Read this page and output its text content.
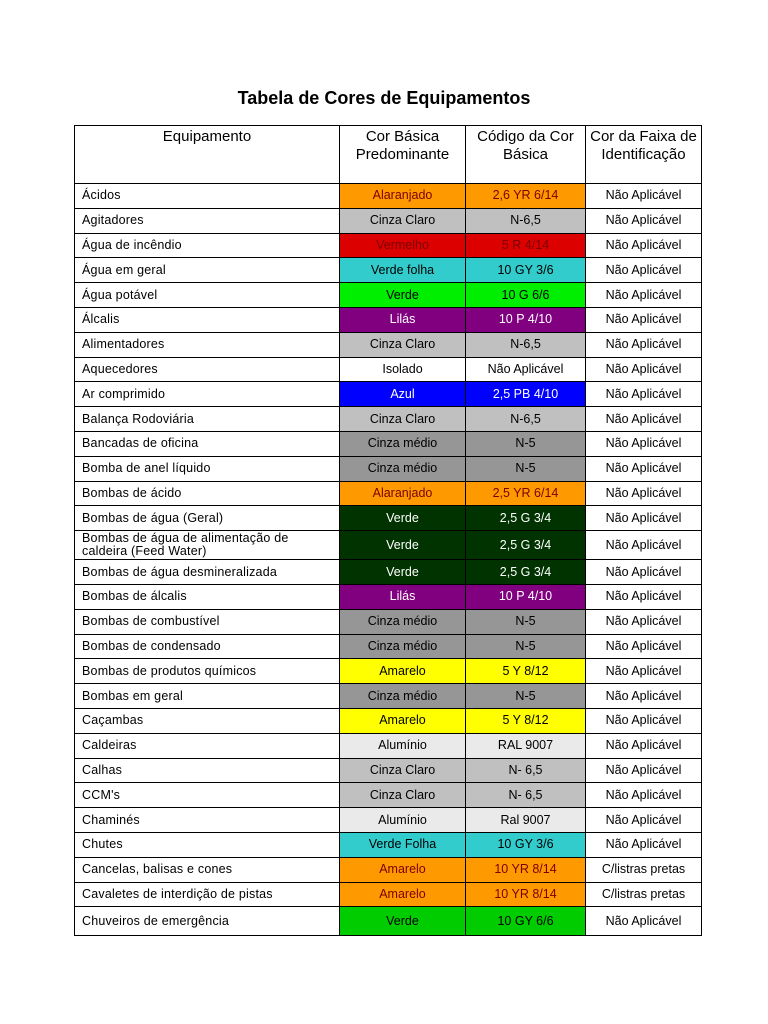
Tabela de Cores de Equipamentos
Equipamento	Cor Básica Predominante	Código da Cor Básica	Cor da Faixa de Identificação
Ácidos	Alaranjado	2,6 YR 6/14	Não Aplicável
Agitadores	Cinza Claro	N-6,5	Não Aplicável
Água de incêndio	Vermelho	5 R 4/14	Não Aplicável
Água em geral	Verde folha	10 GY 3/6	Não Aplicável
Água potável	Verde	10 G 6/6	Não Aplicável
Álcalis	Lilás	10 P 4/10	Não Aplicável
Alimentadores	Cinza Claro	N-6,5	Não Aplicável
Aquecedores	Isolado	Não Aplicável	Não Aplicável
Ar comprimido	Azul	2,5 PB 4/10	Não Aplicável
Balança Rodoviária	Cinza Claro	N-6,5	Não Aplicável
Bancadas de oficina	Cinza médio	N-5	Não Aplicável
Bomba de anel líquido	Cinza médio	N-5	Não Aplicável
Bombas de ácido	Alaranjado	2,5 YR 6/14	Não Aplicável
Bombas de água (Geral)	Verde	2,5 G 3/4	Não Aplicável
Bombas de água de alimentação de caldeira (Feed Water)	Verde	2,5 G 3/4	Não Aplicável
Bombas de água desmineralizada	Verde	2,5 G 3/4	Não Aplicável
Bombas de álcalis	Lilás	10 P 4/10	Não Aplicável
Bombas de combustível	Cinza médio	N-5	Não Aplicável
Bombas de condensado	Cinza médio	N-5	Não Aplicável
Bombas de produtos químicos	Amarelo	5 Y 8/12	Não Aplicável
Bombas em geral	Cinza médio	N-5	Não Aplicável
Caçambas	Amarelo	5 Y 8/12	Não Aplicável
Caldeiras	Alumínio	RAL 9007	Não Aplicável
Calhas	Cinza Claro	N- 6,5	Não Aplicável
CCM's	Cinza Claro	N- 6,5	Não Aplicável
Chaminés	Alumínio	Ral 9007	Não Aplicável
Chutes	Verde Folha	10 GY 3/6	Não Aplicável
Cancelas, balisas e cones	Amarelo	10 YR 8/14	C/listras pretas
Cavaletes de interdição de pistas	Amarelo	10 YR 8/14	C/listras pretas
Chuveiros de emergência	Verde	10 GY 6/6	Não Aplicável
